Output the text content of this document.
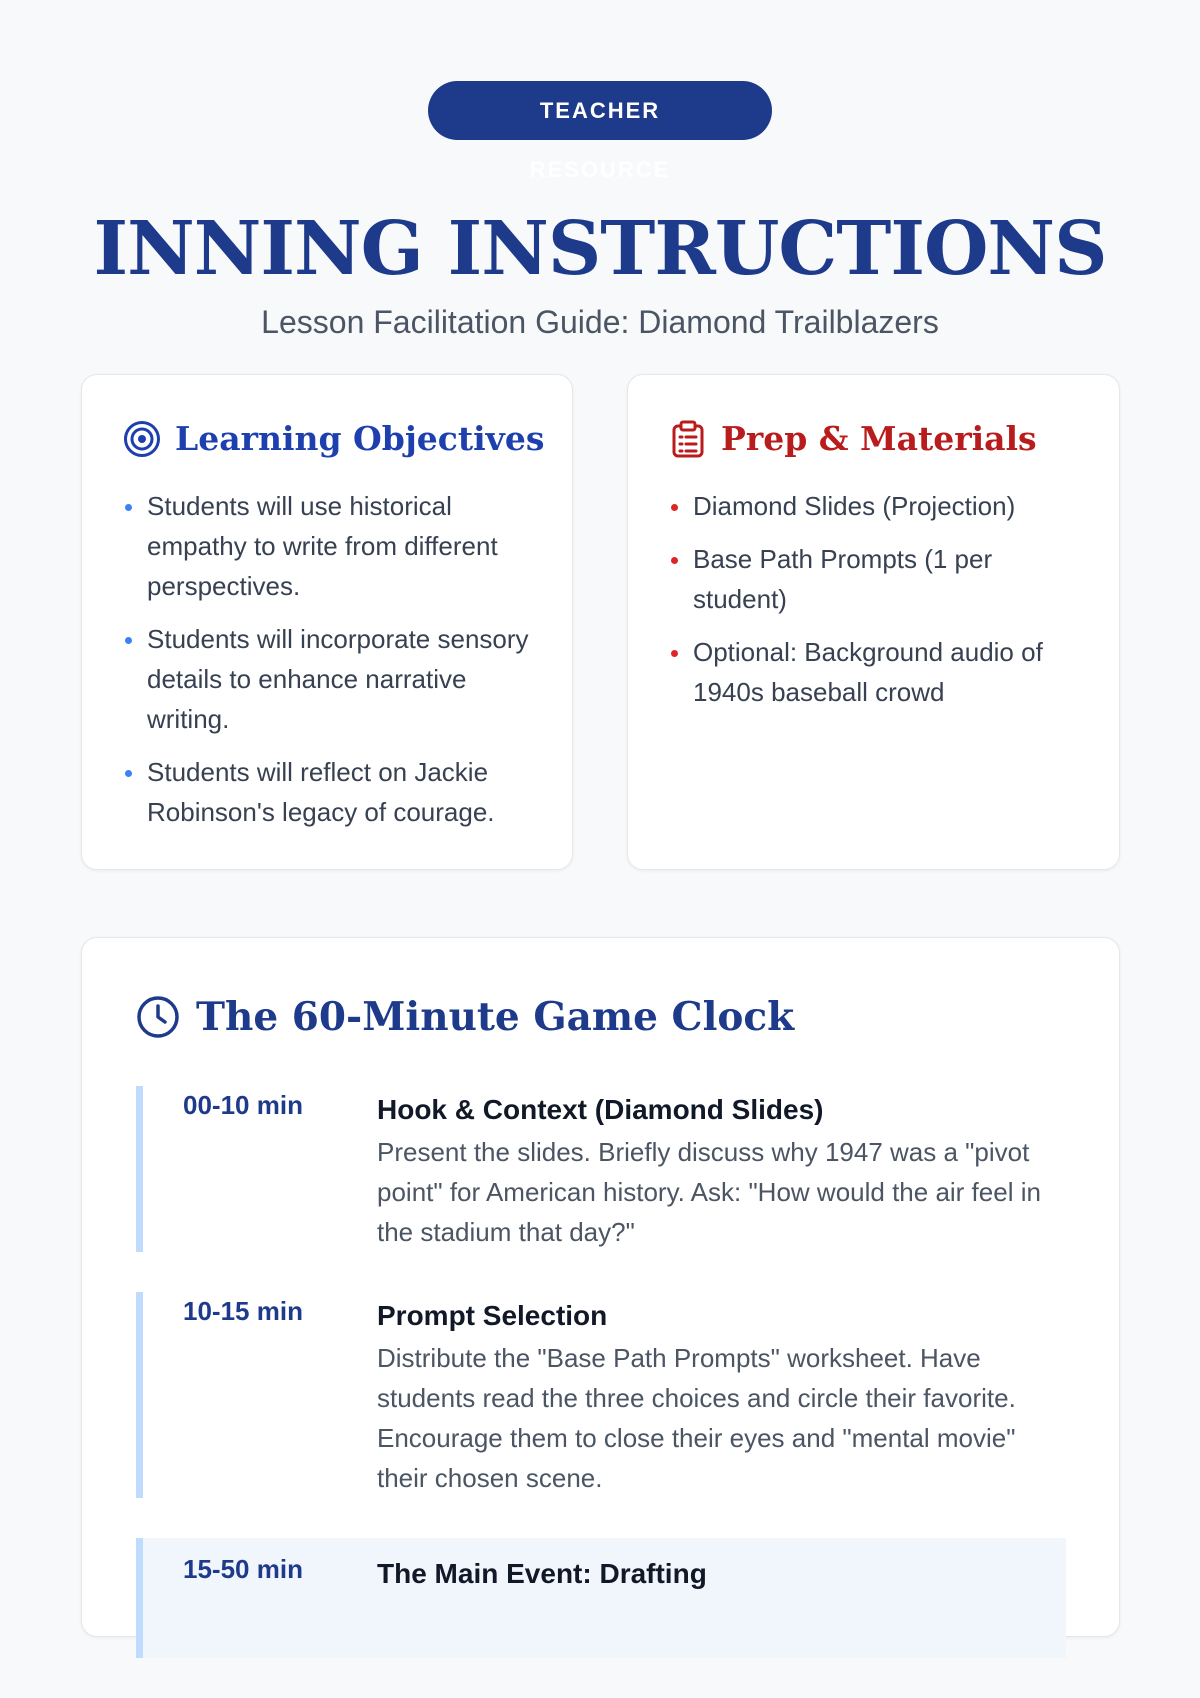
TEACHER RESOURCE
INNING INSTRUCTIONS
Lesson Facilitation Guide: Diamond Trailblazers
Learning Objectives
Students will use historical empathy to write from different perspectives.
Students will incorporate sensory details to enhance narrative writing.
Students will reflect on Jackie Robinson's legacy of courage.
Prep & Materials
Diamond Slides (Projection)
Base Path Prompts (1 per student)
Optional: Background audio of 1940s baseball crowd
The 60-Minute Game Clock
00-10 min	Hook & Context (Diamond Slides)
Present the slides. Briefly discuss why 1947 was a "pivot point" for American history. Ask: "How would the air feel in the stadium that day?"
10-15 min	Prompt Selection
Distribute the "Base Path Prompts" worksheet. Have students read the three choices and circle their favorite. Encourage them to close their eyes and "mental movie" their chosen scene.
15-50 min	The Main Event: Drafting
